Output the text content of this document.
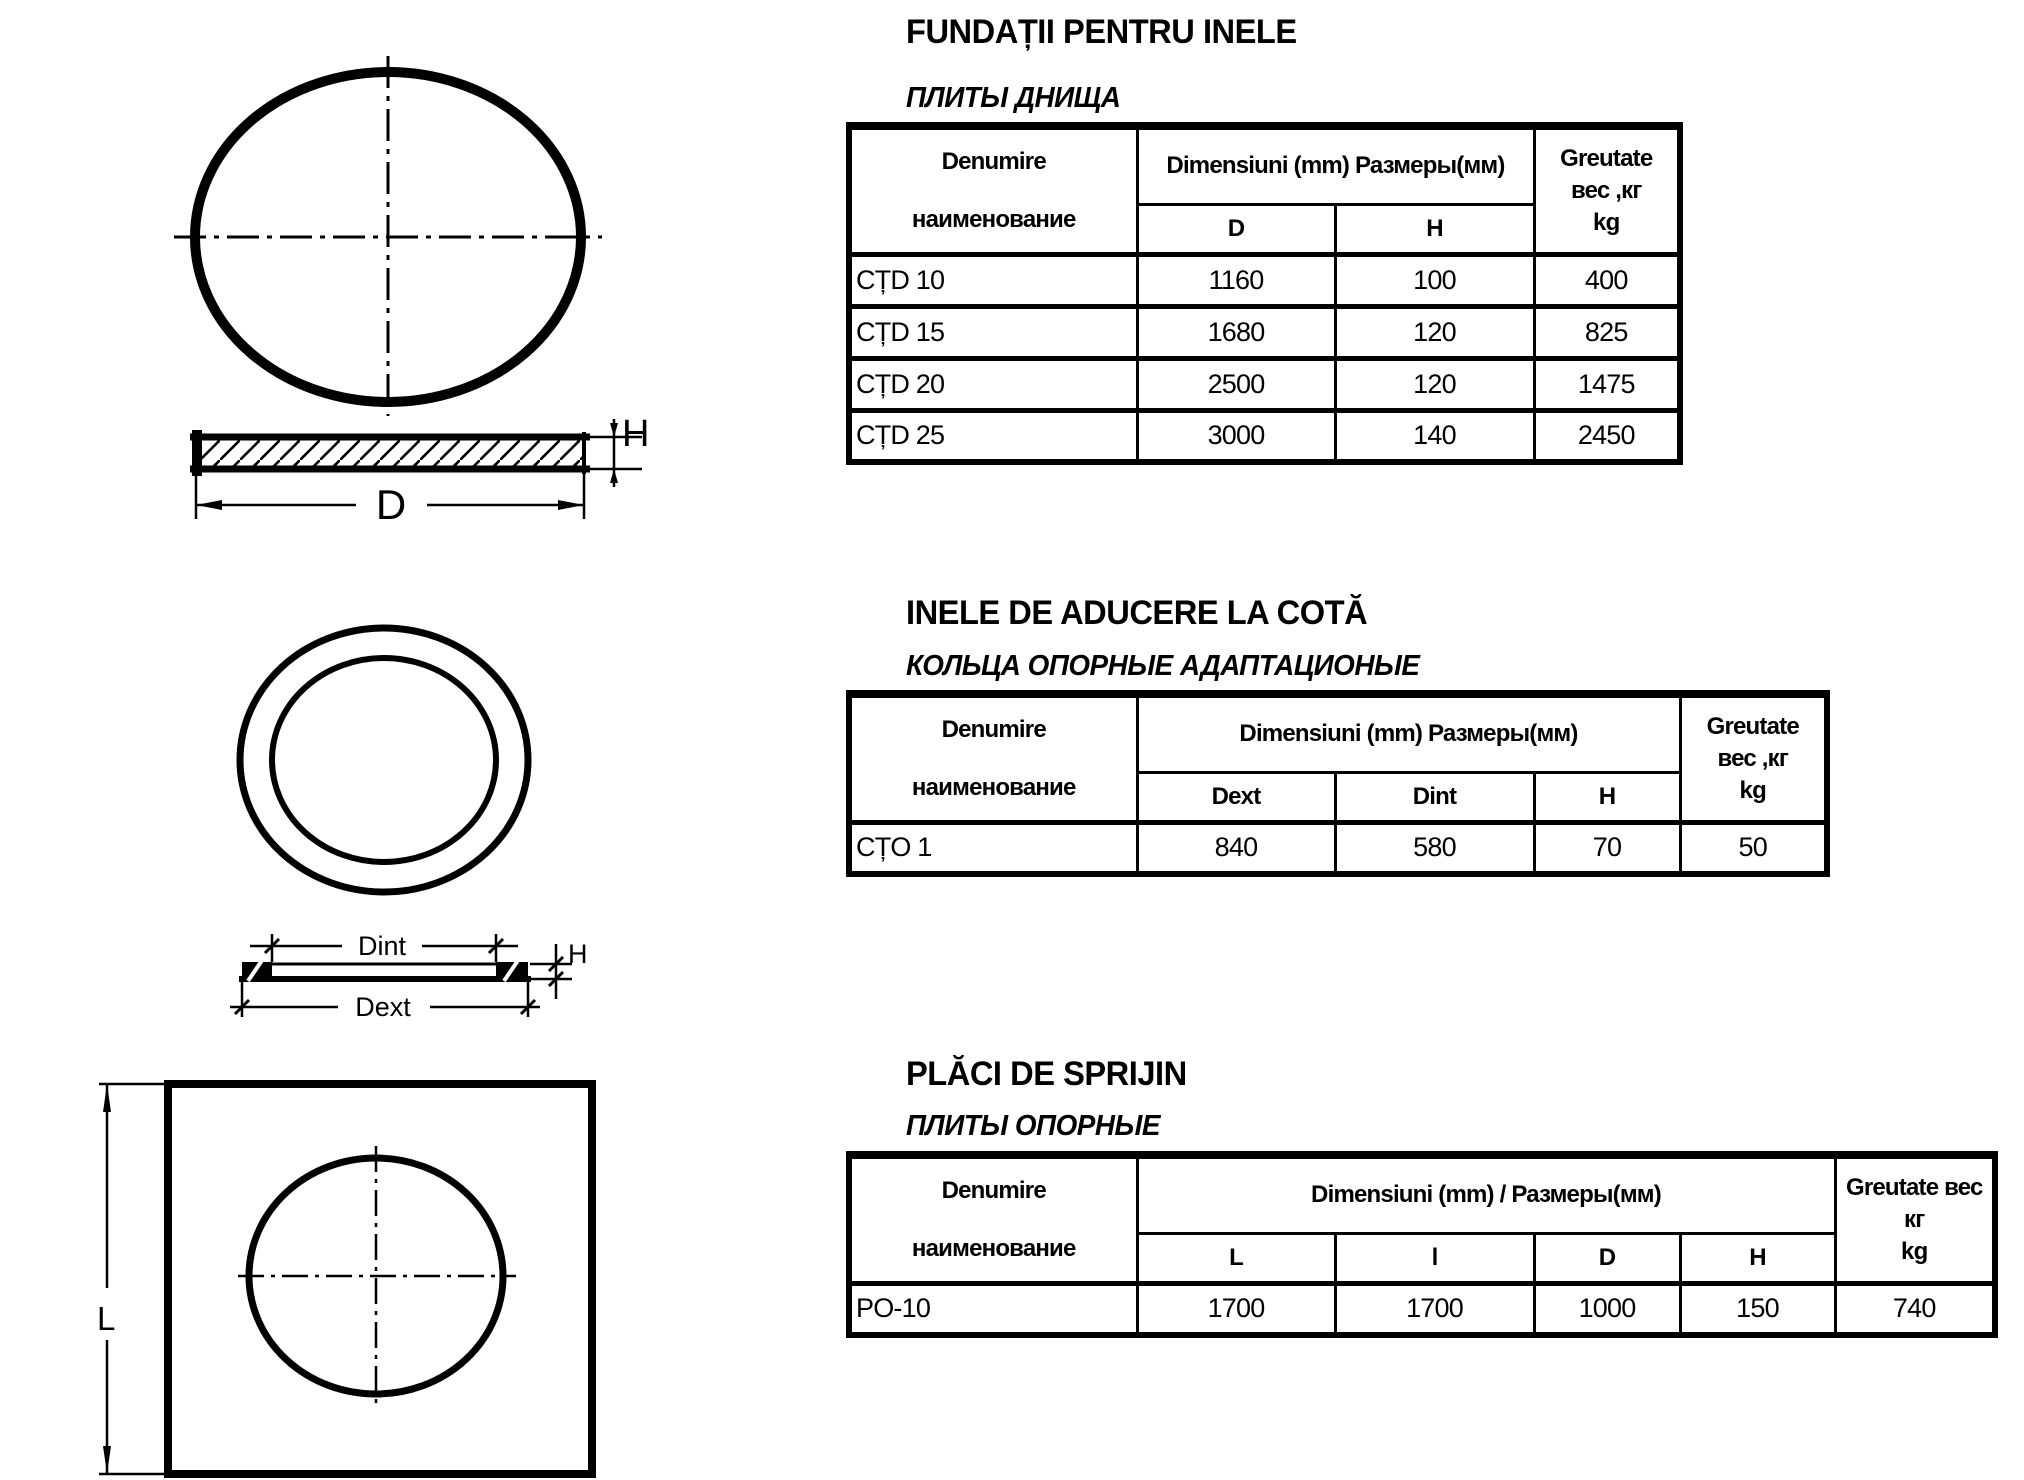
H
D
Dint	H
Dext
L
FUNDAȚII PENTRU INELE
ПЛИТЫ ДНИЩА
Denumire
наименование
	Dimensiuni (mm) Размеры(мм)	Greutate
вес ,кг
kg

	D	H	
CȚD 10	1160	100	400
CȚD 15	1680	120	825
CȚD 20	2500	120	1475
CȚD 25	3000	140	2450
INELE DE ADUCERE LA COTĂ
КОЛЬЦА ОПОРНЫЕ АДАПТАЦИОНЫЕ
Denumire
наименование
	Dimensiuni (mm) Размеры(мм)	Greutate
вес ,кг
kg

	Dext	Dint	H	
CȚO 1	840	580	70	50
PLĂCI DE SPRIJIN
ПЛИТЫ ОПОРНЫЕ
Denumire
наименование
	Dimensiuni (mm) / Размеры(мм)	Greutate вес
кг
kg

	L	l	D	H	
PO-10	1700	1700	1000	150	740
